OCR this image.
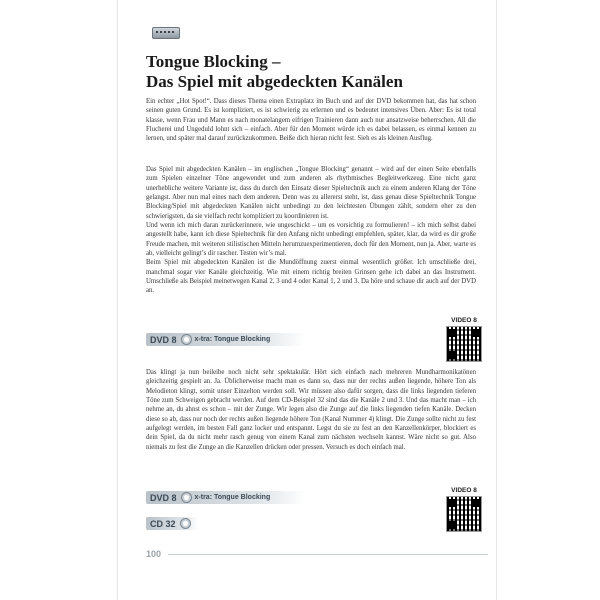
Tongue Blocking –
Das Spiel mit abgedeckten Kanälen

Ein echter „Hot Spot!“. Dass dieses Thema einen Extraplatz im Buch und auf der DVD bekommen hat, das hat schon seinen guten Grund. Es ist kompliziert, es ist schwierig zu erlernen und es bedeutet intensives Üben. Aber: Es ist total klasse, wenn Frau und Mann es nach monatelangem eifrigen Trainieren dann auch nur ansatzweise beherrschen. All die Flucherei und Ungeduld lohnt sich – einfach. Aber für den Moment würde ich es dabei belassen, es einmal kennen zu lernen, und später mal darauf zurückzukommen. Beiße dich hieran nicht fest. Sieh es als kleinen Ausflug.

Das Spiel mit abgedeckten Kanälen – im englischen „Tongue Blocking“ genannt – wird auf der einen Seite ebenfalls zum Spielen einzelner Töne angewendet und zum anderen als rhythmisches Begleitwerkzeug. Eine nicht ganz unerhebliche weitere Variante ist, dass du durch den Einsatz dieser Spieltechnik auch zu einem anderen Klang der Töne gelangst. Aber nun mal eines nach dem anderen. Denn was zu allererst steht, ist, dass genau diese Spieltechnik Tongue Blocking/Spiel mit abgedeckten Kanälen nicht unbedingt zu den leichtesten Übungen zählt, sondern eher zu den schwierigsten, da sie vielfach recht kompliziert zu koordinieren ist.

Und wenn ich mich daran zurückerinnere, wie ungeschickt – um es vorsichtig zu formulieren! – ich mich selbst dabei angestellt habe, kann ich diese Spieltechnik für den Anfang nicht unbedingt empfehlen, später, klar, da wird es dir große Freude machen, mit weiteren stilistischen Mitteln herumzuexperimentieren, doch für den Moment, nun ja. Aber, warte es ab, vielleicht gelingt’s dir rascher. Testen wir’s mal.

Beim Spiel mit abgedeckten Kanälen ist die Mundöffnung zuerst einmal wesentlich größer. Ich umschließe drei, manchmal sogar vier Kanäle gleichzeitig. Wie mit einem richtig breiten Grinsen gehe ich dabei an das Instrument. Umschließe als Beispiel meinetwegen Kanal 2, 3 und 4 oder Kanal 1, 2 und 3. Da höre und schaue dir auch auf der DVD an.

DVD 8	x-tra: Tongue Blocking
VIDEO 8

Das klingt ja nun beileibe noch nicht sehr spektakulär. Hört sich einfach nach mehreren Mundharmonikatönen gleichzeitig gespielt an. Ja. Üblicherweise macht man es dann so, dass nur der rechts außen liegende, höhere Ton als Melodieton klingt, somit unser Einzelton werden soll. Wir müssen also dafür sorgen, dass die links liegenden tieferen Töne zum Schweigen gebracht werden. Auf dem CD-Beispiel 32 sind das die Kanäle 2 und 3. Und das macht man – ich nehme an, du ahnst es schon – mit der Zunge. Wir legen also die Zunge auf die links liegenden tiefen Kanäle. Decken diese so ab, dass nur noch der rechts außen liegende höhere Ton (Kanal Nummer 4) klingt. Die Zunge sollte nicht zu fest aufgelegt werden, im besten Fall ganz locker und entspannt. Legst du sie zu fest an den Kanzellenkörper, blockiert es dein Spiel, da du nicht mehr rasch genug von einem Kanal zum nächsten wechseln kannst. Wäre nicht so gut. Also niemals zu fest die Zunge an die Kanzellen drücken oder pressen. Versuch es doch einfach mal.

DVD 8	x-tra: Tongue Blocking
CD 32
VIDEO 8
100
